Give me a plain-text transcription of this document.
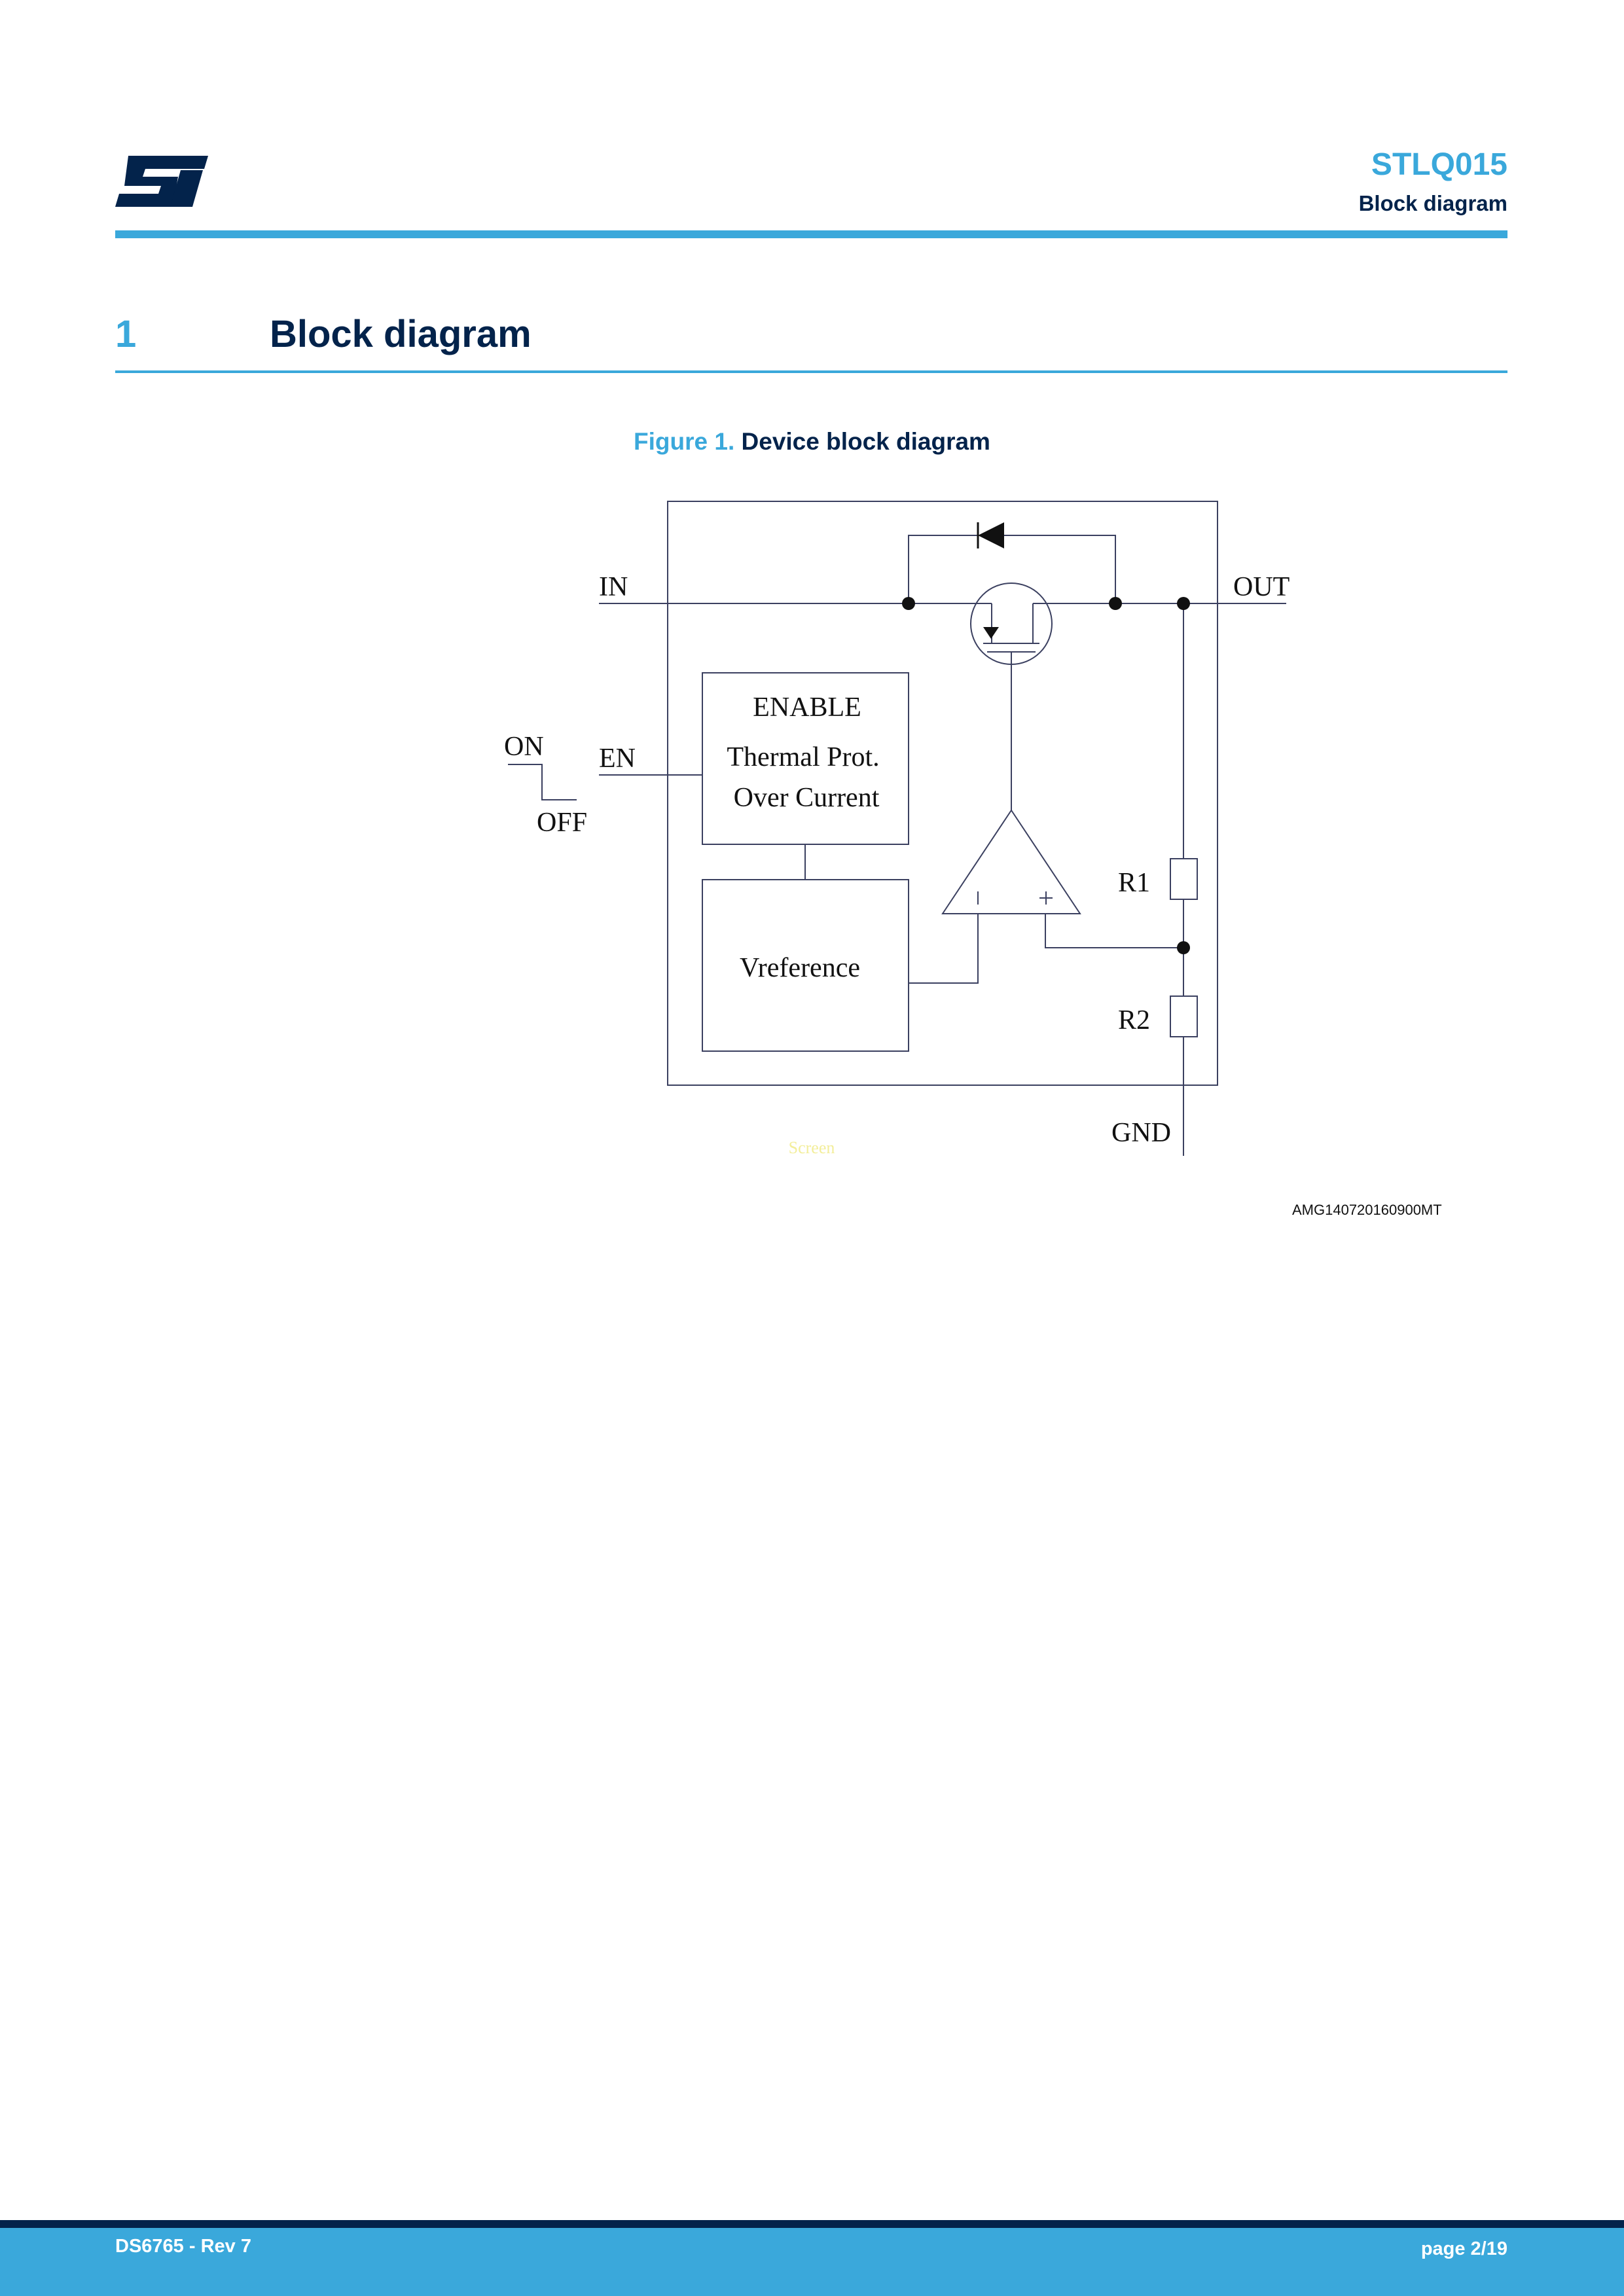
STLQ015
Block diagram
1	Block diagram
Figure 1. Device block diagram
IN	OUT
EN
ON
OFF
ENABLE
Thermal Prot.
Over Current
Vreference
R1
R2
GND
Screen
AMG140720160900MT
DS6765 - Rev 7	page 2/19
